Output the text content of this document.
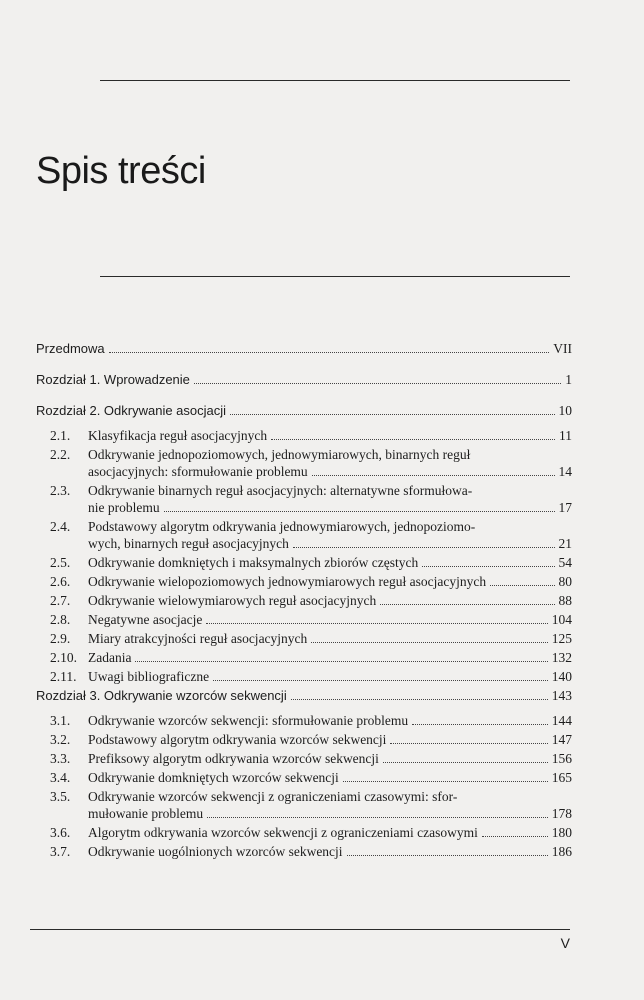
Spis treści
Przedmowa	VII
Rozdział 1. Wprowadzenie	1
Rozdział 2. Odkrywanie asocjacji	10
2.1. Klasyfikacja reguł asocjacyjnych	11
2.2. Odkrywanie jednopoziomowych, jednowymiarowych, binarnych reguł
asocjacyjnych: sformułowanie problemu	14
2.3. Odkrywanie binarnych reguł asocjacyjnych: alternatywne sformułowa-
nie problemu	17
2.4. Podstawowy algorytm odkrywania jednowymiarowych, jednopoziomo-
wych, binarnych reguł asocjacyjnych	21
2.5. Odkrywanie domkniętych i maksymalnych zbiorów częstych	54
2.6. Odkrywanie wielopoziomowych jednowymiarowych reguł asocjacyjnych	80
2.7. Odkrywanie wielowymiarowych reguł asocjacyjnych	88
2.8. Negatywne asocjacje	104
2.9. Miary atrakcyjności reguł asocjacyjnych	125
2.10. Zadania	132
2.11. Uwagi bibliograficzne	140
Rozdział 3. Odkrywanie wzorców sekwencji	143
3.1. Odkrywanie wzorców sekwencji: sformułowanie problemu	144
3.2. Podstawowy algorytm odkrywania wzorców sekwencji	147
3.3. Prefiksowy algorytm odkrywania wzorców sekwencji	156
3.4. Odkrywanie domkniętych wzorców sekwencji	165
3.5. Odkrywanie wzorców sekwencji z ograniczeniami czasowymi: sfor-
mułowanie problemu	178
3.6. Algorytm odkrywania wzorców sekwencji z ograniczeniami czasowymi	180
3.7. Odkrywanie uogólnionych wzorców sekwencji	186
V
